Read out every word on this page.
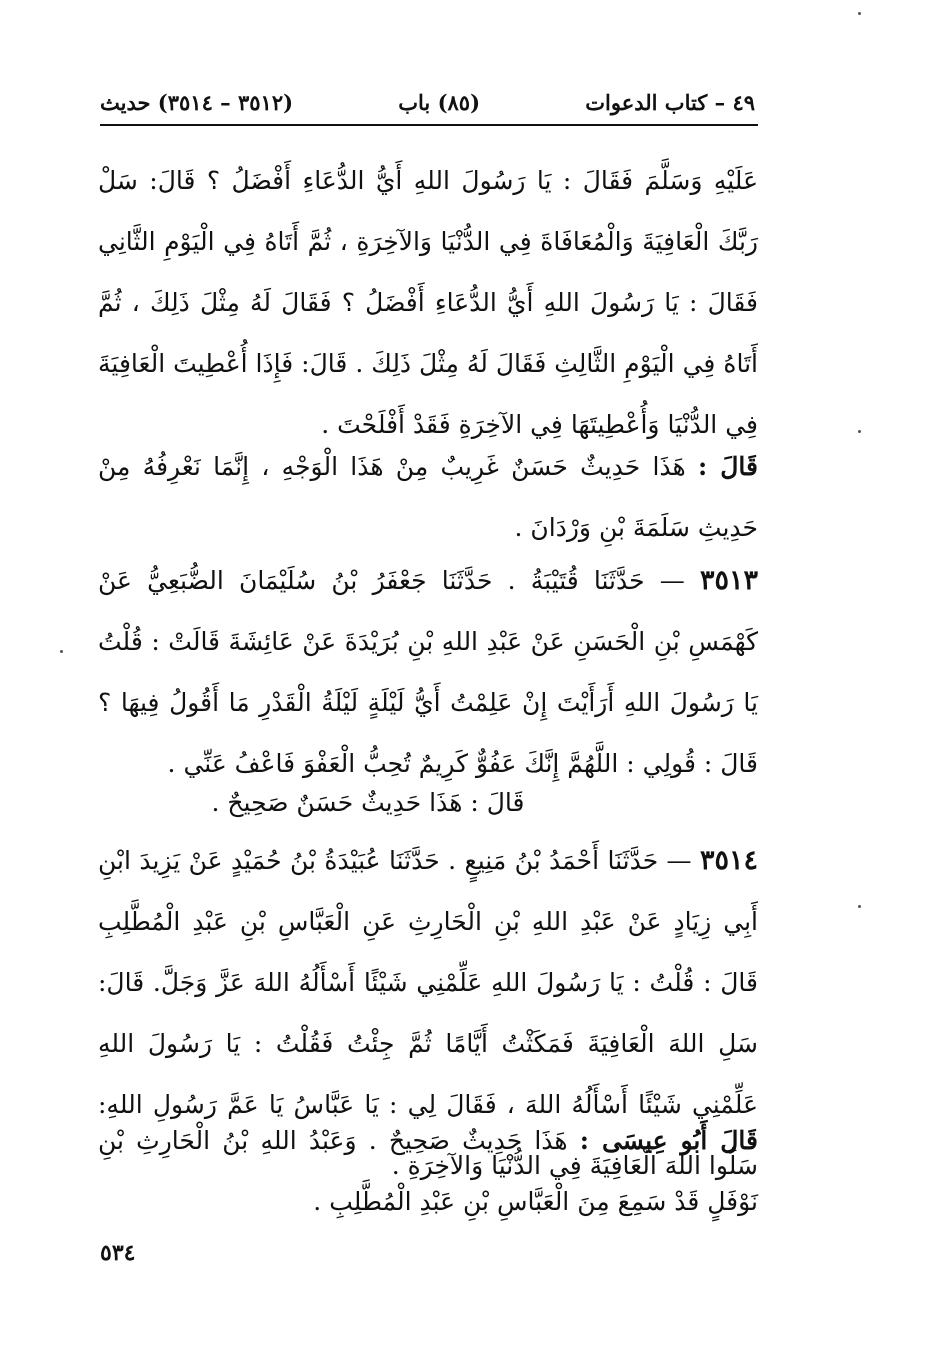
٤٩ – كتاب الدعوات
(٨٥) باب
(٣٥١٢ – ٣٥١٤) حديث

عَلَيْهِ وَسَلَّمَ فَقَالَ : يَا رَسُولَ اللهِ أَيُّ الدُّعَاءِ أَفْضَلُ ؟ قَالَ: سَلْ رَبَّكَ الْعَافِيَةَ وَالْمُعَافَاةَ فِي الدُّنْيَا وَالآخِرَةِ ، ثُمَّ أَتَاهُ فِي الْيَوْمِ الثَّانِي فَقَالَ : يَا رَسُولَ اللهِ أَيُّ الدُّعَاءِ أَفْضَلُ ؟ فَقَالَ لَهُ مِثْلَ ذَلِكَ ، ثُمَّ أَتَاهُ فِي الْيَوْمِ الثَّالِثِ فَقَالَ لَهُ مِثْلَ ذَلِكَ . قَالَ: فَإِذَا أُعْطِيتَ الْعَافِيَةَ فِي الدُّنْيَا وَأُعْطِيتَهَا فِي الآخِرَةِ فَقَدْ أَفْلَحْتَ .

قَالَ : هَذَا حَدِيثٌ حَسَنٌ غَرِيبٌ مِنْ هَذَا الْوَجْهِ ، إِنَّمَا نَعْرِفُهُ مِنْ حَدِيثِ سَلَمَةَ بْنِ وَرْدَانَ .

٣٥١٣ — حَدَّثَنَا قُتَيْبَةُ . حَدَّثَنَا جَعْفَرُ بْنُ سُلَيْمَانَ الضُّبَعِيُّ عَنْ كَهْمَسِ بْنِ الْحَسَنِ عَنْ عَبْدِ اللهِ بْنِ بُرَيْدَةَ عَنْ عَائِشَةَ قَالَتْ : قُلْتُ يَا رَسُولَ اللهِ أَرَأَيْتَ إِنْ عَلِمْتُ أَيُّ لَيْلَةٍ لَيْلَةُ الْقَدْرِ مَا أَقُولُ فِيهَا ؟ قَالَ : قُولِي : اللَّهُمَّ إِنَّكَ عَفُوٌّ كَرِيمٌ تُحِبُّ الْعَفْوَ فَاعْفُ عَنِّي .

قَالَ : هَذَا حَدِيثٌ حَسَنٌ صَحِيحٌ .

٣٥١٤ — حَدَّثَنَا أَحْمَدُ بْنُ مَنِيعٍ . حَدَّثَنَا عُبَيْدَةُ بْنُ حُمَيْدٍ عَنْ يَزِيدَ ابْنِ أَبِي زِيَادٍ عَنْ عَبْدِ اللهِ بْنِ الْحَارِثِ عَنِ الْعَبَّاسِ بْنِ عَبْدِ الْمُطَّلِبِ قَالَ : قُلْتُ : يَا رَسُولَ اللهِ عَلِّمْنِي شَيْئًا أَسْأَلُهُ اللهَ عَزَّ وَجَلَّ. قَالَ: سَلِ اللهَ الْعَافِيَةَ فَمَكَثْتُ أَيَّامًا ثُمَّ جِئْتُ فَقُلْتُ : يَا رَسُولَ اللهِ عَلِّمْنِي شَيْئًا أَسْأَلُهُ اللهَ ، فَقَالَ لِي : يَا عَبَّاسُ يَا عَمَّ رَسُولِ اللهِ: سَلُوا اللهَ الْعَافِيَةَ فِي الدُّنْيَا وَالآخِرَةِ .

قَالَ أَبُو عِيسَى : هَذَا حَدِيثٌ صَحِيحٌ . وَعَبْدُ اللهِ بْنُ الْحَارِثِ بْنِ نَوْفَلٍ قَدْ سَمِعَ مِنَ الْعَبَّاسِ بْنِ عَبْدِ الْمُطَّلِبِ .

٥٣٤
